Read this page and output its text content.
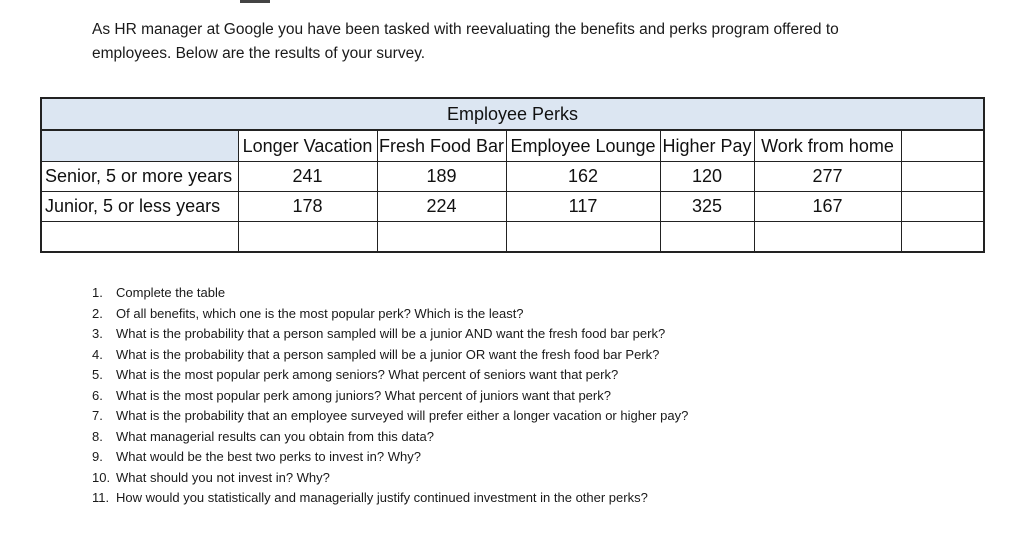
As HR manager at Google you have been tasked with reevaluating the benefits and perks program offered to employees. Below are the results of your survey.
Employee Perks						
	Longer Vacation	Fresh Food Bar	Employee Lounge	Higher Pay	Work from home	
Senior, 5 or more years	241	189	162	120	277	
Junior, 5 or less years	178	224	117	325	167	

1.	Complete the table
2.	Of all benefits, which one is the most popular perk? Which is the least?
3.	What is the probability that a person sampled will be a junior AND want the fresh food bar perk?
4.	What is the probability that a person sampled will be a junior OR want the fresh food bar Perk?
5.	What is the most popular perk among seniors? What percent of seniors want that perk?
6.	What is the most popular perk among juniors? What percent of juniors want that perk?
7.	What is the probability that an employee surveyed will prefer either a longer vacation or higher pay?
8.	What managerial results can you obtain from this data?
9.	What would be the best two perks to invest in? Why?
10. What should you not invest in? Why?
11. How would you statistically and managerially justify continued investment in the other perks?
